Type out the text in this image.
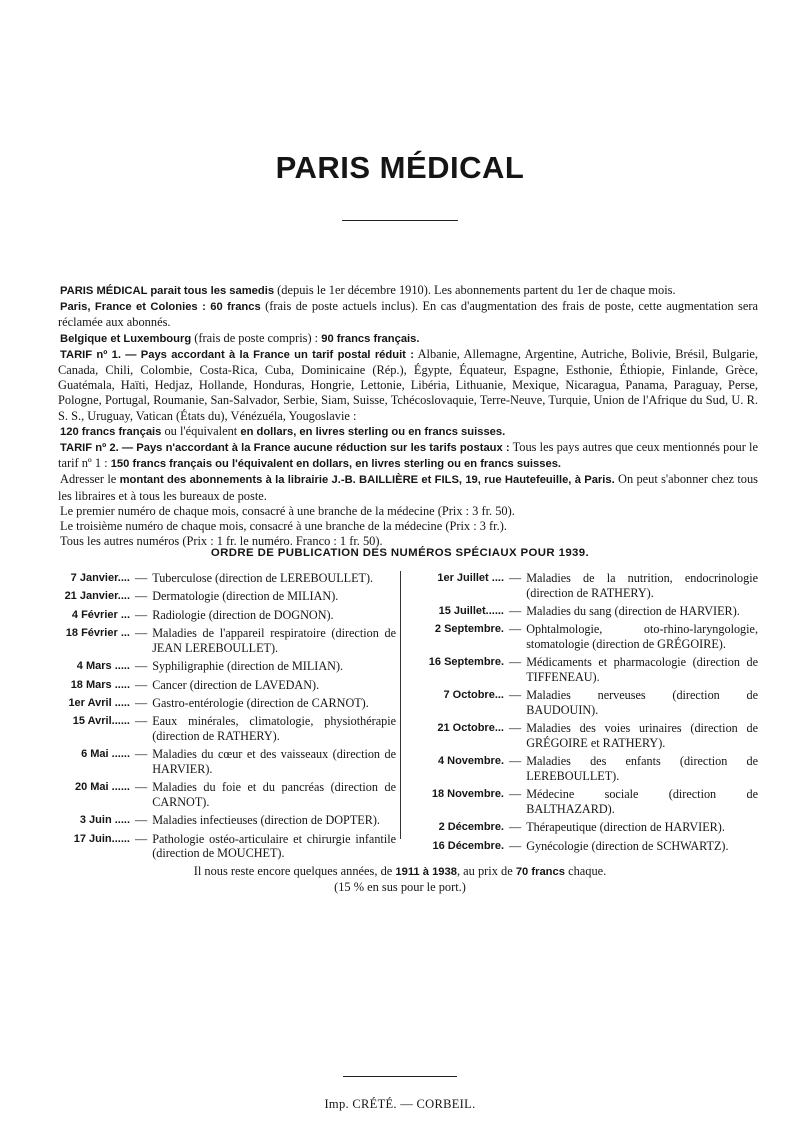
PARIS MÉDICAL

PARIS MÉDICAL parait tous les samedis (depuis le 1er décembre 1910). Les abonnements partent du 1er de chaque mois.

Paris, France et Colonies : 60 francs (frais de poste actuels inclus). En cas d'augmentation des frais de poste, cette augmentation sera réclamée aux abonnés.

Belgique et Luxembourg (frais de poste compris) : 90 francs français.

TARIF nº 1. — Pays accordant à la France un tarif postal réduit : Albanie, Allemagne, Argentine, Autriche, Bolivie, Brésil, Bulgarie, Canada, Chili, Colombie, Costa-Rica, Cuba, Dominicaine (Rép.), Égypte, Équateur, Espagne, Esthonie, Éthiopie, Finlande, Grèce, Guatémala, Haïti, Hedjaz, Hollande, Honduras, Hongrie, Lettonie, Libéria, Lithuanie, Mexique, Nicaragua, Panama, Paraguay, Perse, Pologne, Portugal, Roumanie, San-Salvador, Serbie, Siam, Suisse, Tchécoslovaquie, Terre-Neuve, Turquie, Union de l'Afrique du Sud, U. R. S. S., Uruguay, Vatican (États du), Vénézuéla, Yougoslavie :

120 francs français ou l'équivalent en dollars, en livres sterling ou en francs suisses.

TARIF nº 2. — Pays n'accordant à la France aucune réduction sur les tarifs postaux : Tous les pays autres que ceux mentionnés pour le tarif nº 1 : 150 francs français ou l'équivalent en dollars, en livres sterling ou en francs suisses.

Adresser le montant des abonnements à la librairie J.-B. BAILLIÈRE et FILS, 19, rue Hautefeuille, à Paris. On peut s'abonner chez tous les libraires et à tous les bureaux de poste.

Le premier numéro de chaque mois, consacré à une branche de la médecine (Prix : 3 fr. 50).

Le troisième numéro de chaque mois, consacré à une branche de la médecine (Prix : 3 fr.).

Tous les autres numéros (Prix : 1 fr. le numéro. Franco : 1 fr. 50).

ORDRE DE PUBLICATION DES NUMÉROS SPÉCIAUX POUR 1939.
7 Janvier.... — Tuberculose (direction de LEREBOULLET).
21 Janvier.... — Dermatologie (direction de MILIAN).
4 Février ... — Radiologie (direction de DOGNON).
18 Février ... — Maladies de l'appareil respiratoire (direction de JEAN LEREBOULLET).
4 Mars ..... — Syphiligraphie (direction de MILIAN).
18 Mars ..... — Cancer (direction de LAVEDAN).
1er Avril ..... — Gastro-entérologie (direction de CARNOT).
15 Avril...... — Eaux minérales, climatologie, physiothérapie (direction de RATHERY).
6 Mai ...... — Maladies du cœur et des vaisseaux (direction de HARVIER).
20 Mai ...... — Maladies du foie et du pancréas (direction de CARNOT).
3 Juin ..... — Maladies infectieuses (direction de DOPTER).
17 Juin...... — Pathologie ostéo-articulaire et chirurgie infantile (direction de MOUCHET).
1er Juillet .... — Maladies de la nutrition, endocrinologie (direction de RATHERY).
15 Juillet...... — Maladies du sang (direction de HARVIER).
2 Septembre. — Ophtalmologie, oto-rhino-laryngologie, stomatologie (direction de GRÉGOIRE).
16 Septembre. — Médicaments et pharmacologie (direction de TIFFENEAU).
7 Octobre... — Maladies nerveuses (direction de BAUDOUIN).
21 Octobre... — Maladies des voies urinaires (direction de GRÉGOIRE et RATHERY).
4 Novembre. — Maladies des enfants (direction de LEREBOULLET).
18 Novembre. — Médecine sociale (direction de BALTHAZARD).
2 Décembre. — Thérapeutique (direction de HARVIER).
16 Décembre. — Gynécologie (direction de SCHWARTZ).

Il nous reste encore quelques années, de 1911 à 1938, au prix de 70 francs chaque.

(15 % en sus pour le port.)

Imp. CRÉTÉ. — CORBEIL.
